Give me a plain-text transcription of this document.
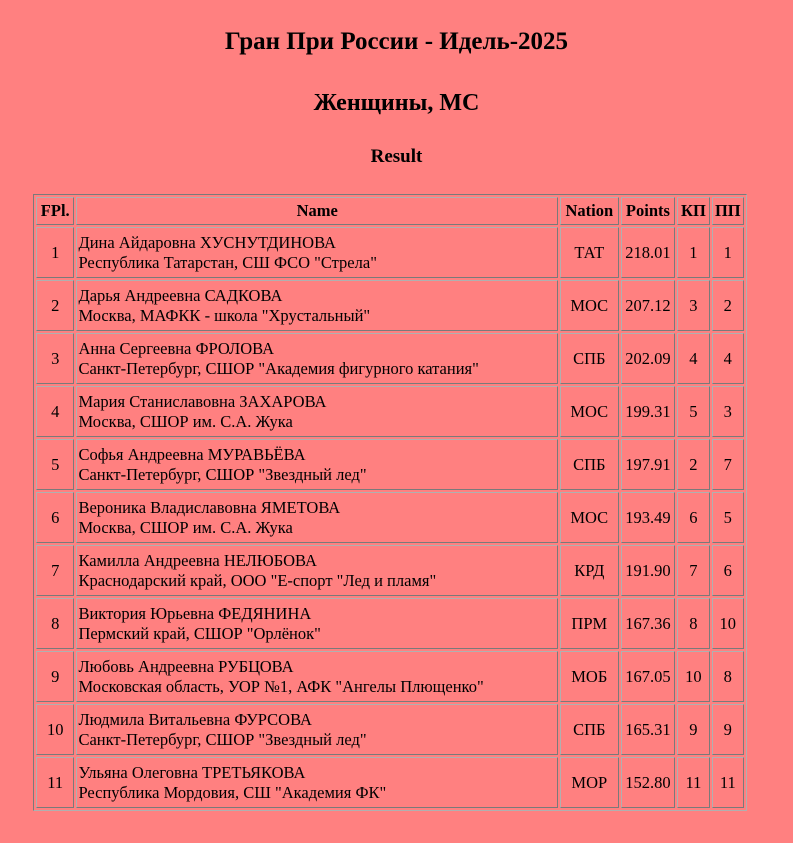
Гран При России - Идель-2025
Женщины, МС
Result
FPl.	Name	Nation	Points	КП	ПП
1	Дина Айдаровна ХУСНУТДИНОВА
Республика Татарстан, СШ ФСО "Стрела"	ТАТ	218.01	1	1
2	Дарья Андреевна САДКОВА
Москва, МАФКК - школа "Хрустальный"	МОС	207.12	3	2
3	Анна Сергеевна ФРОЛОВА
Санкт-Петербург, СШОР "Академия фигурного катания"	СПБ	202.09	4	4
4	Мария Станиславовна ЗАХАРОВА
Москва, СШОР им. С.А. Жука	МОС	199.31	5	3
5	Софья Андреевна МУРАВЬЁВА
Санкт-Петербург, СШОР "Звездный лед"	СПБ	197.91	2	7
6	Вероника Владиславовна ЯМЕТОВА
Москва, СШОР им. С.А. Жука	МОС	193.49	6	5
7	Камилла Андреевна НЕЛЮБОВА
Краснодарский край, ООО "Е-спорт "Лед и пламя"	КРД	191.90	7	6
8	Виктория Юрьевна ФЕДЯНИНА
Пермский край, СШОР "Орлёнок"	ПРМ	167.36	8	10
9	Любовь Андреевна РУБЦОВА
Московская область, УОР №1, АФК "Ангелы Плющенко"	МОБ	167.05	10	8
10	Людмила Витальевна ФУРСОВА
Санкт-Петербург, СШОР "Звездный лед"	СПБ	165.31	9	9
11	Ульяна Олеговна ТРЕТЬЯКОВА
Республика Мордовия, СШ "Академия ФК"	МОР	152.80	11	11
